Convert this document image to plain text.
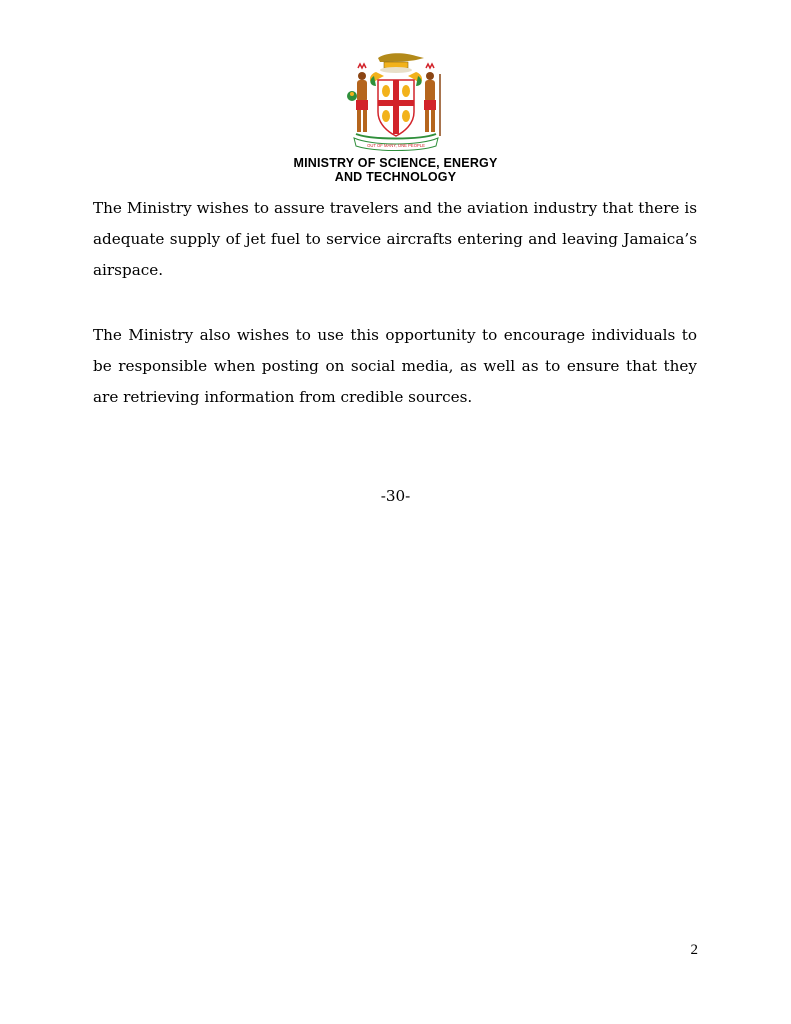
OUT OF MANY, ONE PEOPLE
MINISTRY OF SCIENCE, ENERGY
AND TECHNOLOGY

The Ministry wishes to assure travelers and the aviation industry that there is adequate supply of jet fuel to service aircrafts entering and leaving Jamaica’s airspace.

The Ministry also wishes to use this opportunity to encourage individuals to be responsible when posting on social media, as well as to ensure that they are retrieving information from credible sources.

-30-
2
